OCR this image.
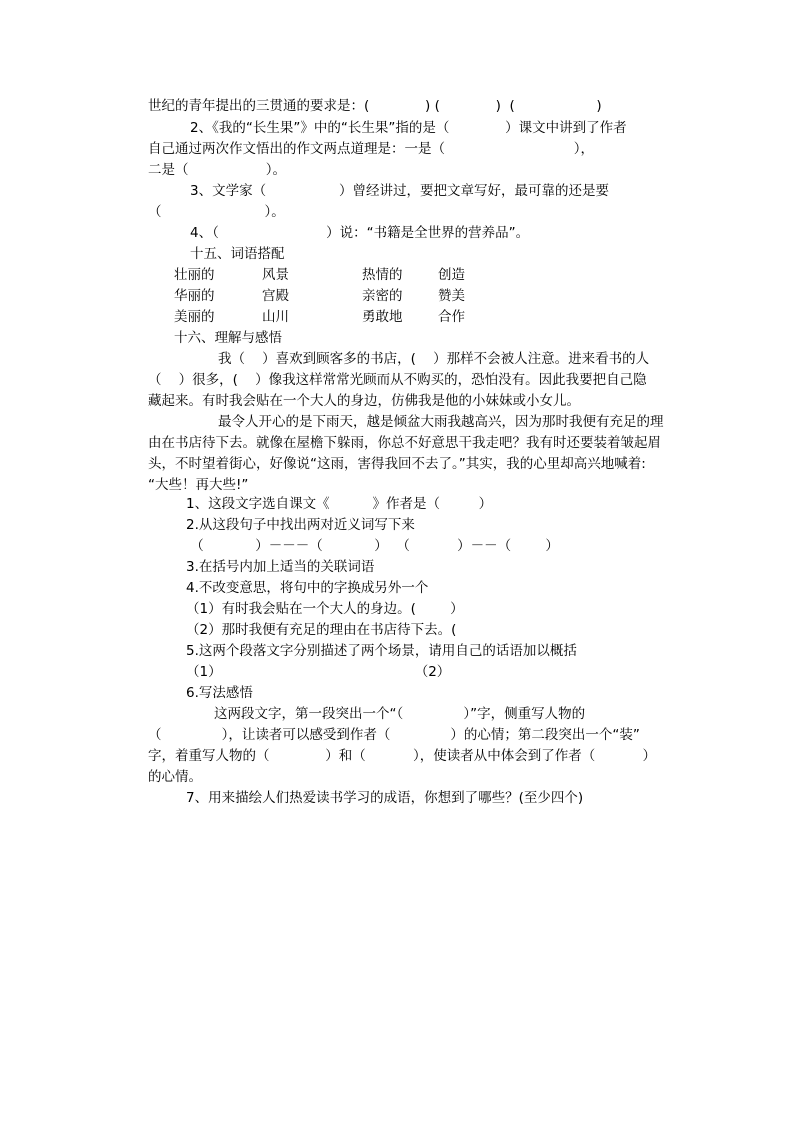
世纪的青年提出的三贯通的要求是：(             ) (             )  (                   )
2、《我的“长生果”》中的“长生果”指的是（             ）课文中讲到了作者
自己通过两次作文悟出的作文两点道理是：一是（                              ），
二是（                  ）。
3、文学家（                 ）曾经讲过，要把文章写好，最可靠的还是要
（                        ）。
4、（                         ）说：“书籍是全世界的营养品”。
十五、词语搭配
壮丽的	风景	热情的	创造
华丽的	宫殿	亲密的	赞美
美丽的	山川	勇敢地	合作
十六、理解与感悟
我（    ）喜欢到顾客多的书店，(    ）那样不会被人注意。进来看书的人
（    ）很多，(    ）像我这样常常光顾而从不购买的，恐怕没有。因此我要把自己隐
藏起来。有时我会贴在一个大人的身边，仿佛我是他的小妹妹或小女儿。
最令人开心的是下雨天，越是倾盆大雨我越高兴，因为那时我便有充足的理
由在书店待下去。就像在屋檐下躲雨，你总不好意思干我走吧？我有时还要装着皱起眉
头，不时望着街心，好像说“这雨，害得我回不去了。”其实，我的心里却高兴地喊着:
“大些！再大些!”
1、这段文字选自课文《          》作者是（         ）
2.从这段句子中找出两对近义词写下来
（            ）－－－（            ）  （           ）－－（        ）
3.在括号内加上适当的关联词语
4.不改变意思，将句中的字换成另外一个
（1）有时我会贴在一个大人的身边。(        ）
（2）那时我便有充足的理由在书店待下去。(
5.这两个段落文字分别描述了两个场景，请用自己的话语加以概括
（1）                                             （2）
6.写法感悟
这两段文字，第一段突出一个“（              ）”字，侧重写人物的
（              ），让读者可以感受到作者（              ）的心情；第二段突出一个“装”
字，着重写人物的（             ）和（           ），使读者从中体会到了作者（           ）
的心情。
7、用来描绘人们热爱读书学习的成语，你想到了哪些？(至少四个)
